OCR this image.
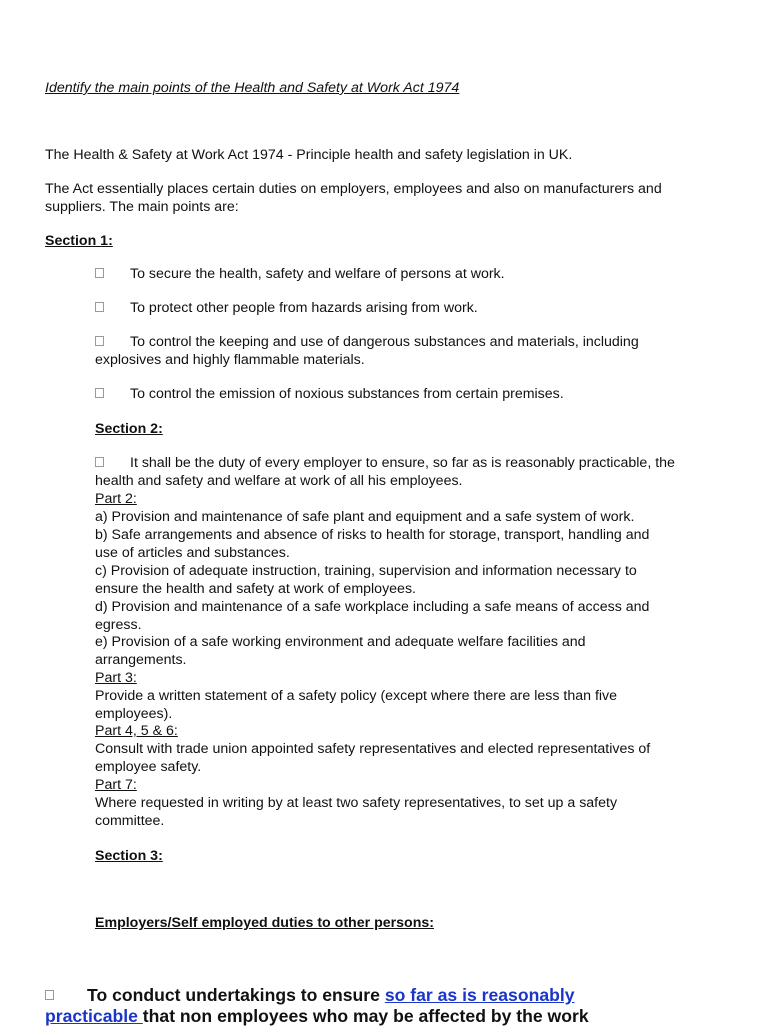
Identify the main points of the Health and Safety at Work Act 1974

The Health & Safety at Work Act 1974 - Principle health and safety legislation in UK.

The Act essentially places certain duties on employers, employees and also on manufacturers and

suppliers. The main points are:

Section 1:

To secure the health, safety and welfare of persons at work.

To protect other people from hazards arising from work.

To control the keeping and use of dangerous substances and materials, including

explosives and highly flammable materials.

To control the emission of noxious substances from certain premises.

Section 2:

It shall be the duty of every employer to ensure, so far as is reasonably practicable, the

health and safety and welfare at work of all his employees.

Part 2:

a) Provision and maintenance of safe plant and equipment and a safe system of work.

b) Safe arrangements and absence of risks to health for storage, transport, handling and

use of articles and substances.

c) Provision of adequate instruction, training, supervision and information necessary to

ensure the health and safety at work of employees.

d) Provision and maintenance of a safe workplace including a safe means of access and

egress.

e) Provision of a safe working environment and adequate welfare facilities and

arrangements.

Part 3:

Provide a written statement of a safety policy (except where there are less than five

employees).

Part 4, 5 & 6:

Consult with trade union appointed safety representatives and elected representatives of

employee safety.

Part 7:

Where requested in writing by at least two safety representatives, to set up a safety

committee.

Section 3:

Employers/Self employed duties to other persons:

To conduct undertakings to ensure so far as is reasonably
practicable that non employees who may be affected by the work
